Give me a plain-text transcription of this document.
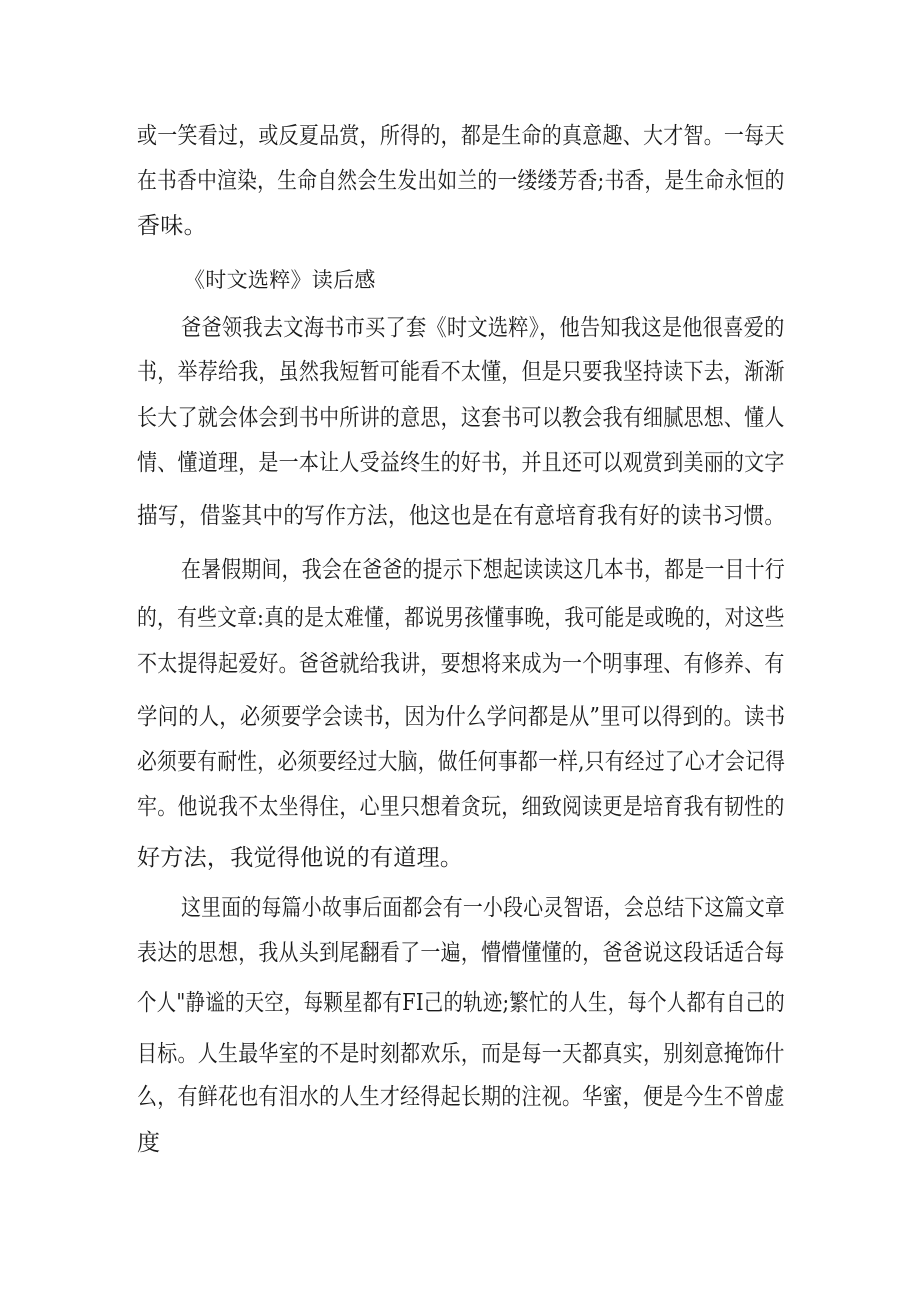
或一笑看过，或反夏品赏，所得的，都是生命的真意趣、大才智。一每天
在书香中渲染，生命自然会生发出如兰的一缕缕芳香;书香，是生命永恒的
香味。
《时文选粹》读后感
爸爸领我去文海书市买了套《时文选粹》，他告知我这是他很喜爱的
书，举荐给我，虽然我短暂可能看不太懂，但是只要我坚持读下去，渐渐
长大了就会体会到书中所讲的意思，这套书可以教会我有细腻思想、懂人
情、懂道理，是一本让人受益终生的好书，并且还可以观赏到美丽的文字
描写，借鉴其中的写作方法，他这也是在有意培育我有好的读书习惯。
在暑假期间，我会在爸爸的提示下想起读读这几本书，都是一目十行
的，有些文章:真的是太难懂，都说男孩懂事晚，我可能是或晚的，对这些
不太提得起爱好。爸爸就给我讲，要想将来成为一个明事理、有修养、有
学问的人，必须要学会读书，因为什么学问都是从”里可以得到的。读书
必须要有耐性，必须要经过大脑，做任何事都一样,只有经过了心才会记得
牢。他说我不太坐得住，心里只想着贪玩，细致阅读更是培育我有韧性的
好方法，我觉得他说的有道理。
这里面的每篇小故事后面都会有一小段心灵智语，会总结下这篇文章
表达的思想，我从头到尾翻看了一遍，懵懵懂懂的，爸爸说这段话适合每
个人"静谧的天空，每颗星都有FI己的轨迹;繁忙的人生，每个人都有自己的
目标。人生最华室的不是时刻都欢乐，而是每一天都真实，别刻意掩饰什
么，有鲜花也有泪水的人生才经得起长期的注视。华蜜，便是今生不曾虚
度
